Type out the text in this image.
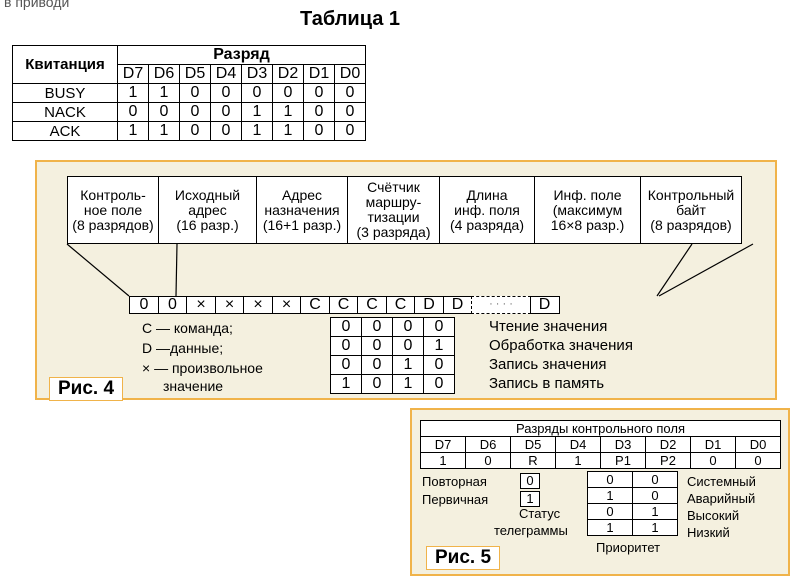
в приводи
Таблица 1
Квитанция	Разряд							
	D7	D6	D5	D4	D3	D2	D1	D0
BUSY	1	1	0	0	0	0	0	0
NACK	0	0	0	0	1	1	0	0
ACK	1	1	0	0	1	1	0	0
Контроль-
ное поле
(8 разрядов)
Исходный
адрес
(16 разр.)
Адрес
назначения
(16+1 разр.)
Счётчик
маршру-
тизации
(3 разряда)
Длина
инф. поля
(4 разряда)
Инф. поле
(максимум
16×8 разр.)
Контрольный
байт
(8 разрядов)
0	0	×	×	×	×	C	C	C	C	D	D	· · · ·	D
C — команда;
D —данные;
× — произвольное
значение
0	0	0	0
0	0	0	1
0	0	1	0
1	0	1	0
Чтение значения
Обработка значения
Запись значения
Запись в память
Рис. 4
Разряды контрольного поля							
D7	D6	D5	D4	D3	D2	D1	D0
1	0	R	1	P1	P2	0	0
Повторная	0
Первичная	1
Статус
телеграммы
0	0
1	0
0	1
1	1
Системный
Аварийный
Высокий
Низкий
Приоритет
Рис. 5
